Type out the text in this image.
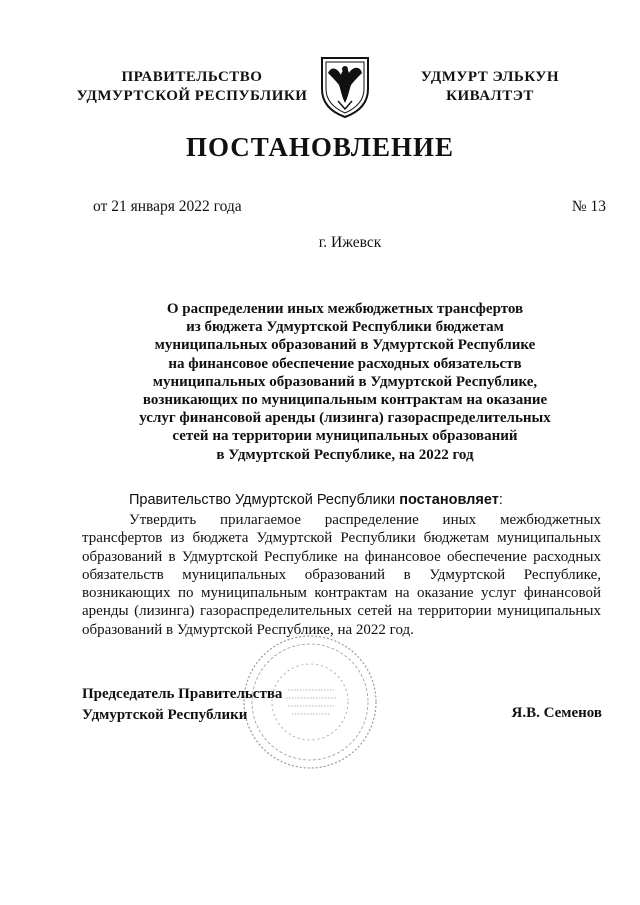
ПРАВИТЕЛЬСТВО
УДМУРТСКОЙ РЕСПУБЛИКИ
УДМУРТ ЭЛЬКУН
КИВАЛТЭТ
ПОСТАНОВЛЕНИЕ
от 21 января 2022 года	№ 13
г. Ижевск
О распределении иных межбюджетных трансфертов
из бюджета Удмуртской Республики бюджетам
муниципальных образований в Удмуртской Республике
на финансовое обеспечение расходных обязательств
муниципальных образований в Удмуртской Республике,
возникающих по муниципальным контрактам на оказание
услуг финансовой аренды (лизинга) газораспределительных
сетей на территории муниципальных образований
в Удмуртской Республике, на 2022 год
Правительство Удмуртской Республики постановляет:
Утвердить прилагаемое распределение иных межбюджетных трансфертов из бюджета Удмуртской Республики бюджетам муниципальных образований в Удмуртской Республике на финансовое обеспечение расходных обязательств муниципальных образований в Удмуртской Республике, возникающих по муниципальным контрактам на оказание услуг финансовой аренды (лизинга) газораспределительных сетей на территории муниципальных образований в Удмуртской Республике, на 2022 год.
Председатель Правительства
Удмуртской Республики	Я.В. Семенов
